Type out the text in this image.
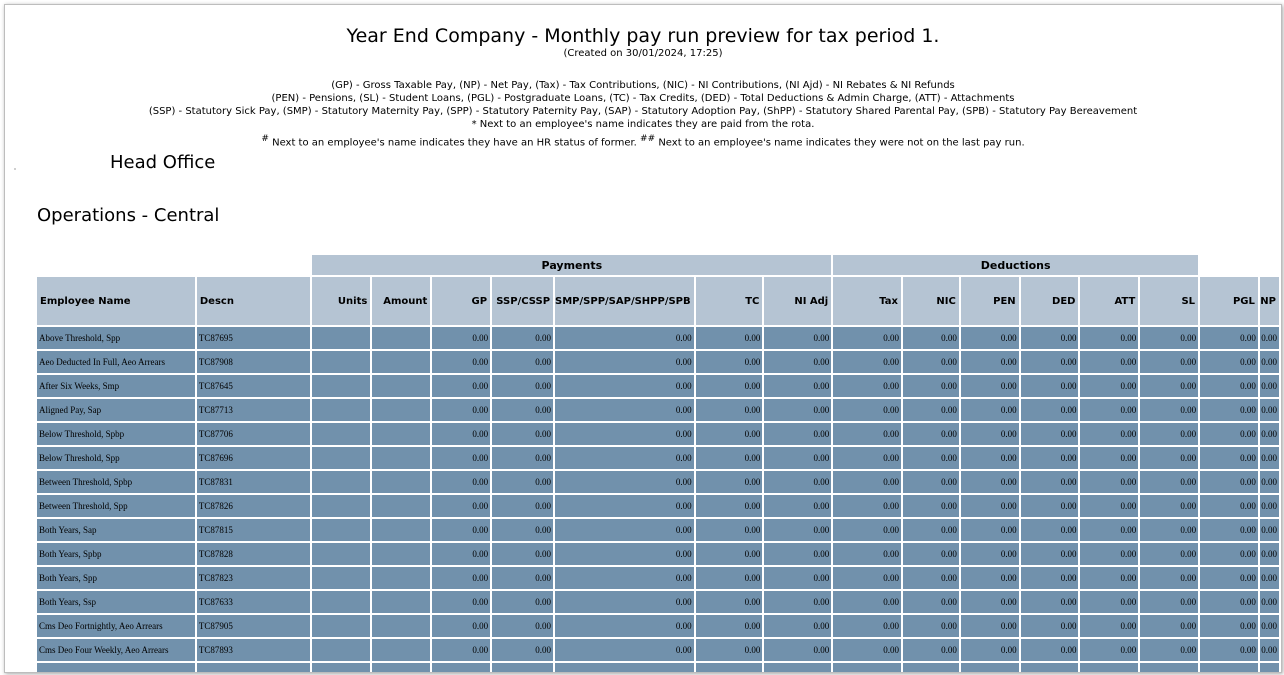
Year End Company - Monthly pay run preview for tax period 1.
(Created on 30/01/2024, 17:25)
(GP) - Gross Taxable Pay, (NP) - Net Pay, (Tax) - Tax Contributions, (NIC) - NI Contributions, (NI Ajd) - NI Rebates & NI Refunds
(PEN) - Pensions, (SL) - Student Loans, (PGL) - Postgraduate Loans, (TC) - Tax Credits, (DED) - Total Deductions & Admin Charge, (ATT) - Attachments
(SSP) - Statutory Sick Pay, (SMP) - Statutory Maternity Pay, (SPP) - Statutory Paternity Pay, (SAP) - Statutory Adoption Pay, (ShPP) - Statutory Shared Parental Pay, (SPB) - Statutory Pay Bereavement
* Next to an employee's name indicates they are paid from the rota.
# Next to an employee's name indicates they have an HR status of former. ## Next to an employee's name indicates they were not on the last pay run.
Head Office
Operations - Central
		Payments							Deductions							
Employee Name	Descn	Units	Amount	GP	SSP/CSSP	SMP/SPP/SAP/SHPP/SPB	TC	NI Adj	Tax	NIC	PEN	DED	ATT	SL	PGL	NP
Above Threshold, Spp	TC87695			0.00	0.00	0.00	0.00	0.00	0.00	0.00	0.00	0.00	0.00	0.00	0.00	0.00
Aeo Deducted In Full, Aeo Arrears	TC87908			0.00	0.00	0.00	0.00	0.00	0.00	0.00	0.00	0.00	0.00	0.00	0.00	0.00
After Six Weeks, Smp	TC87645			0.00	0.00	0.00	0.00	0.00	0.00	0.00	0.00	0.00	0.00	0.00	0.00	0.00
Aligned Pay, Sap	TC87713			0.00	0.00	0.00	0.00	0.00	0.00	0.00	0.00	0.00	0.00	0.00	0.00	0.00
Below Threshold, Spbp	TC87706			0.00	0.00	0.00	0.00	0.00	0.00	0.00	0.00	0.00	0.00	0.00	0.00	0.00
Below Threshold, Spp	TC87696			0.00	0.00	0.00	0.00	0.00	0.00	0.00	0.00	0.00	0.00	0.00	0.00	0.00
Between Threshold, Spbp	TC87831			0.00	0.00	0.00	0.00	0.00	0.00	0.00	0.00	0.00	0.00	0.00	0.00	0.00
Between Threshold, Spp	TC87826			0.00	0.00	0.00	0.00	0.00	0.00	0.00	0.00	0.00	0.00	0.00	0.00	0.00
Both Years, Sap	TC87815			0.00	0.00	0.00	0.00	0.00	0.00	0.00	0.00	0.00	0.00	0.00	0.00	0.00
Both Years, Spbp	TC87828			0.00	0.00	0.00	0.00	0.00	0.00	0.00	0.00	0.00	0.00	0.00	0.00	0.00
Both Years, Spp	TC87823			0.00	0.00	0.00	0.00	0.00	0.00	0.00	0.00	0.00	0.00	0.00	0.00	0.00
Both Years, Ssp	TC87633			0.00	0.00	0.00	0.00	0.00	0.00	0.00	0.00	0.00	0.00	0.00	0.00	0.00
Cms Deo Fortnightly, Aeo Arrears	TC87905			0.00	0.00	0.00	0.00	0.00	0.00	0.00	0.00	0.00	0.00	0.00	0.00	0.00
Cms Deo Four Weekly, Aeo Arrears	TC87893			0.00	0.00	0.00	0.00	0.00	0.00	0.00	0.00	0.00	0.00	0.00	0.00	0.00
